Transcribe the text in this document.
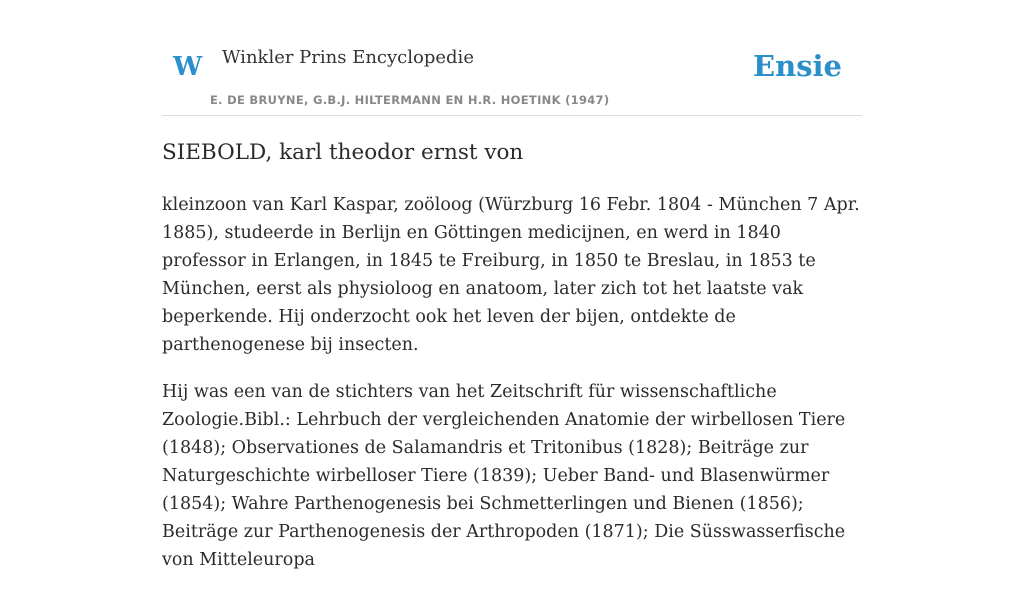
W Winkler Prins Encyclopedie
E. DE BRUYNE, G.B.J. HILTERMANN EN H.R. HOETINK (1947)
Ensie
SIEBOLD, karl theodor ernst von

kleinzoon van Karl Kaspar, zoöloog (Würzburg 16 Febr. 1804 - München 7 Apr. 1885), studeerde in Berlijn en Göttingen medicijnen, en werd in 1840 professor in Erlangen, in 1845 te Freiburg, in 1850 te Breslau, in 1853 te München, eerst als physioloog en anatoom, later zich tot het laatste vak beperkende. Hij onderzocht ook het leven der bijen, ontdekte de parthenogenese bij insecten.

Hij was een van de stichters van het Zeitschrift für wissenschaftliche Zoologie.Bibl.: Lehrbuch der vergleichenden Anatomie der wirbellosen Tiere (1848); Observationes de Salamandris et Tritonibus (1828); Beiträge zur Naturgeschichte wirbelloser Tiere (1839); Ueber Band- und Blasenwürmer (1854); Wahre Parthenogenesis bei Schmetterlingen und Bienen (1856); Beiträge zur Parthenogenesis der Arthropoden (1871); Die Süsswasserfische von Mitteleuropa
